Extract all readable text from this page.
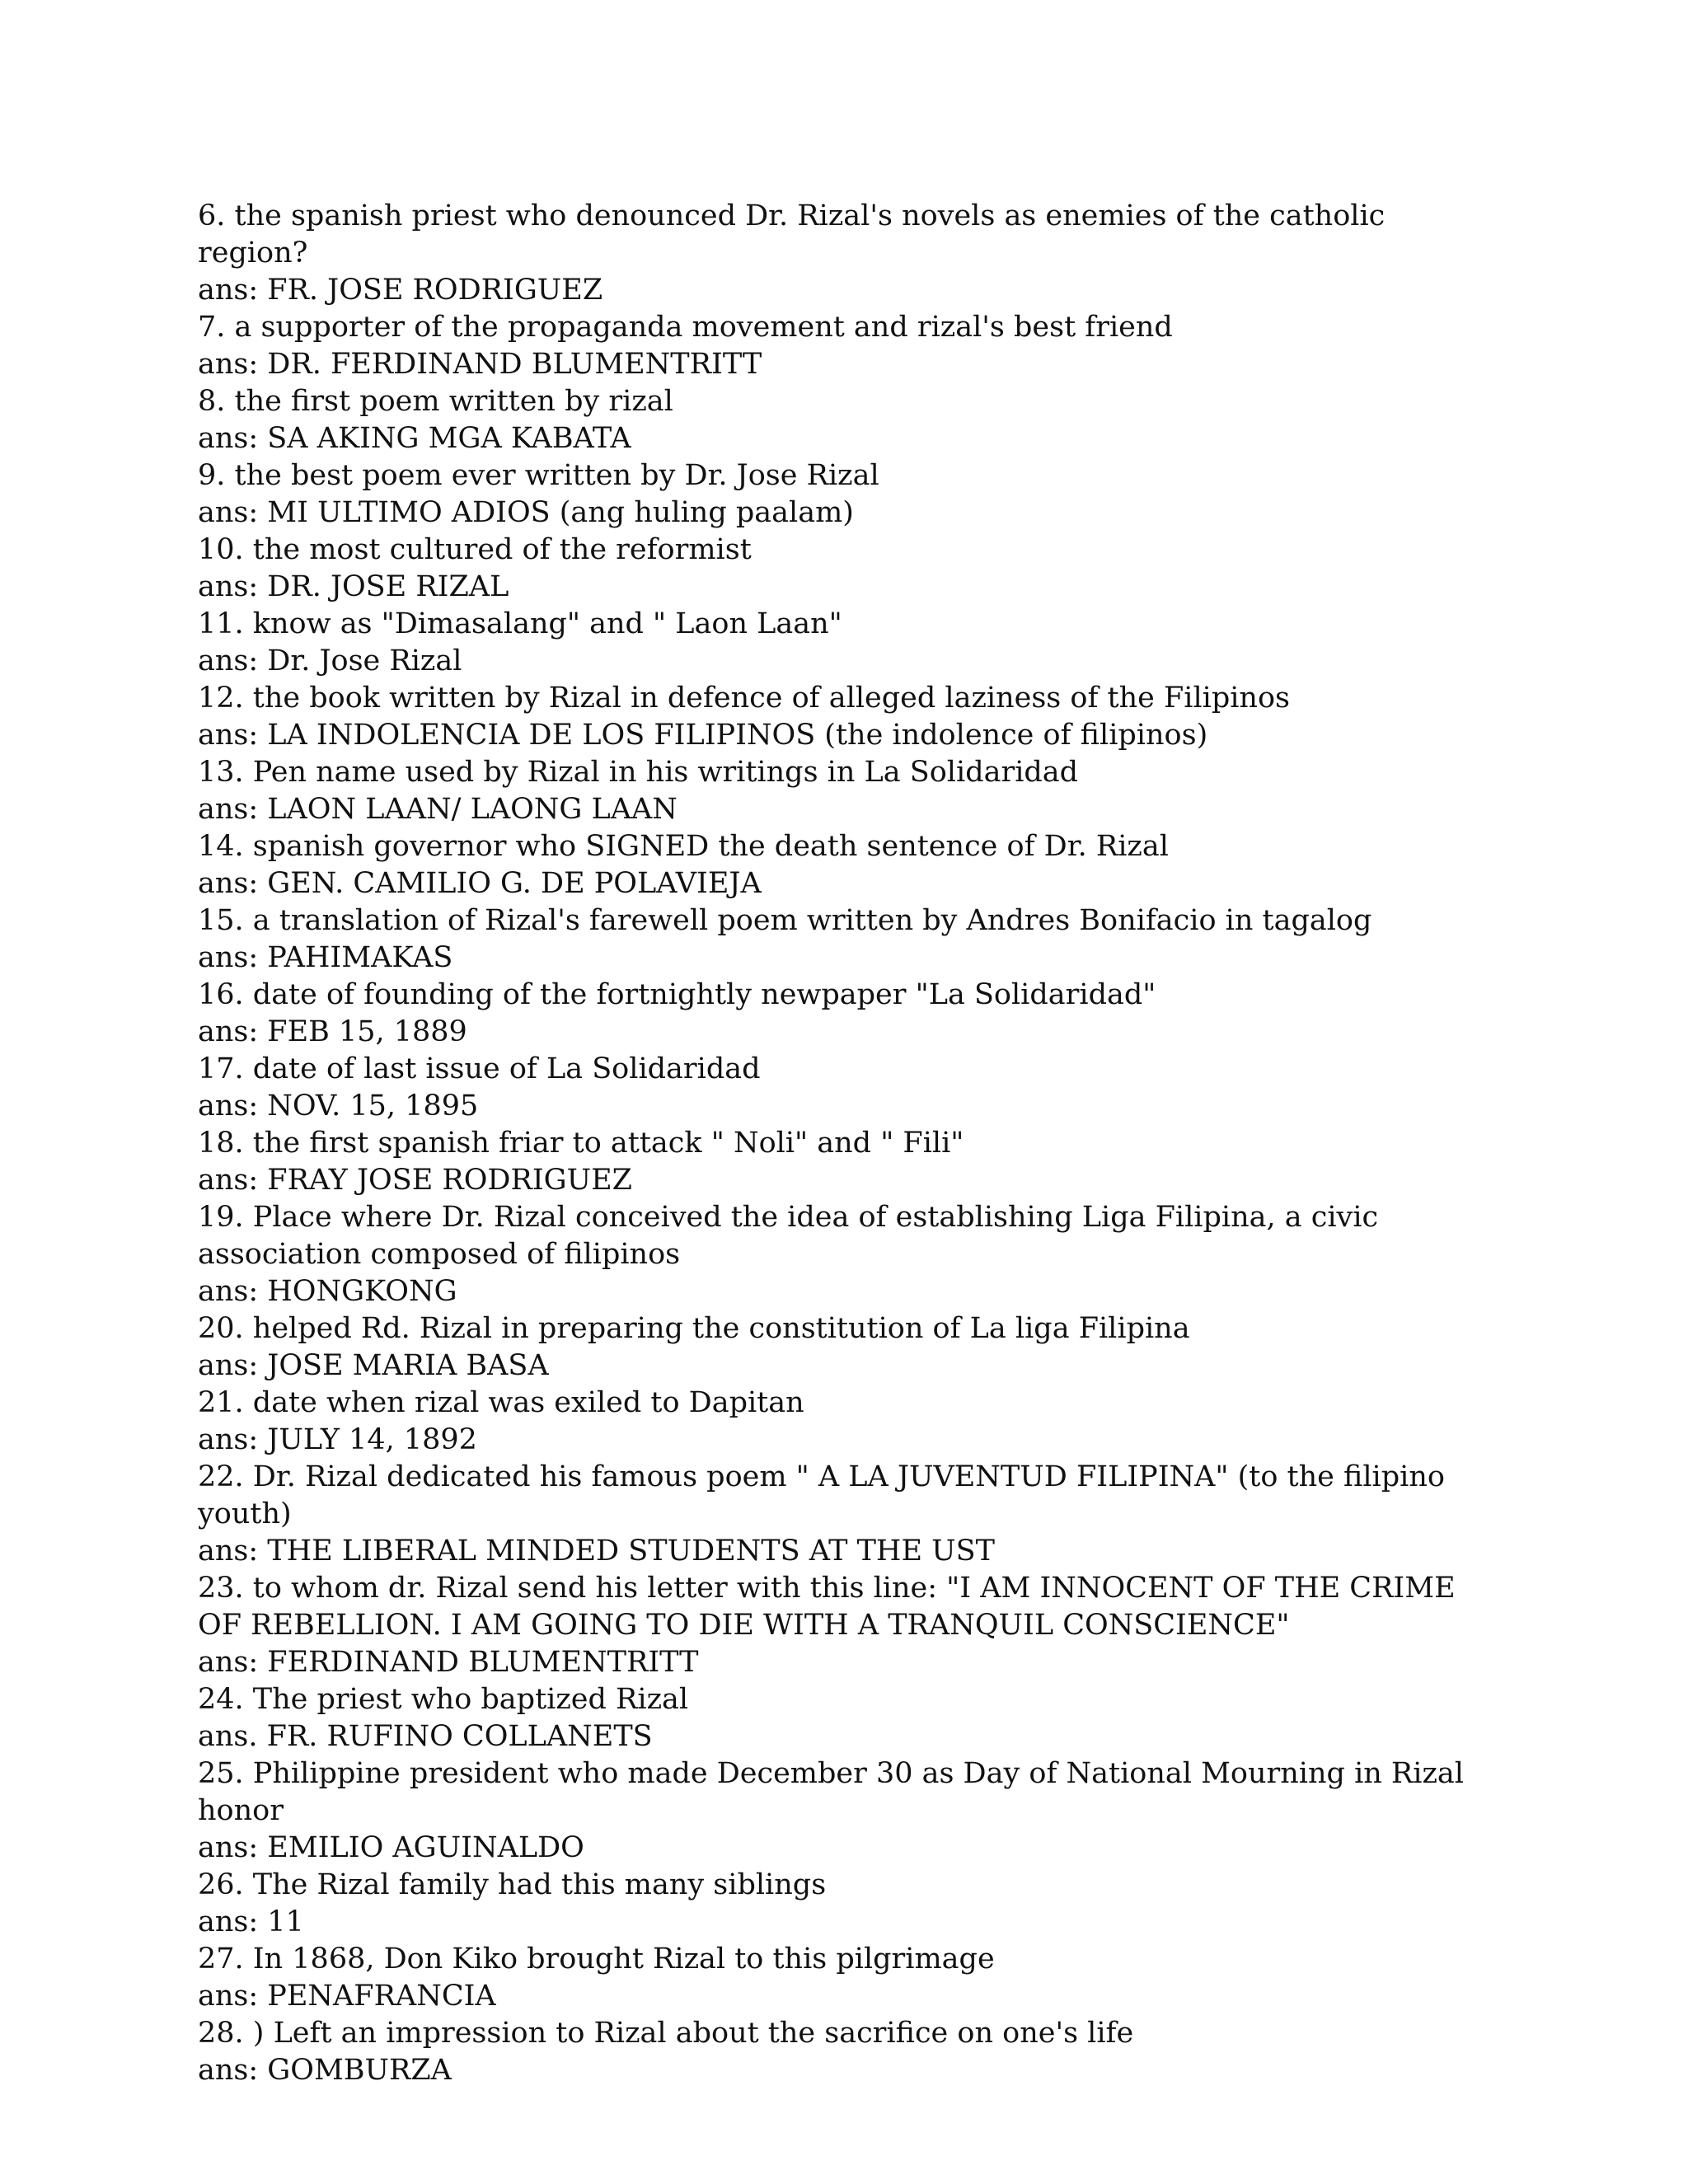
6. the spanish priest who denounced Dr. Rizal's novels as enemies of the catholic region?
ans: FR. JOSE RODRIGUEZ
7. a supporter of the propaganda movement and rizal's best friend
ans: DR. FERDINAND BLUMENTRITT
8. the first poem written by rizal
ans: SA AKING MGA KABATA
9. the best poem ever written by Dr. Jose Rizal
ans: MI ULTIMO ADIOS (ang huling paalam)
10. the most cultured of the reformist
ans: DR. JOSE RIZAL
11. know as "Dimasalang" and " Laon Laan"
ans: Dr. Jose Rizal
12. the book written by Rizal in defence of alleged laziness of the Filipinos
ans: LA INDOLENCIA DE LOS FILIPINOS (the indolence of filipinos)
13. Pen name used by Rizal in his writings in La Solidaridad
ans: LAON LAAN/ LAONG LAAN
14. spanish governor who SIGNED the death sentence of Dr. Rizal
ans: GEN. CAMILIO G. DE POLAVIEJA
15. a translation of Rizal's farewell poem written by Andres Bonifacio in tagalog
ans: PAHIMAKAS
16. date of founding of the fortnightly newpaper "La Solidaridad"
ans: FEB 15, 1889
17. date of last issue of La Solidaridad
ans: NOV. 15, 1895
18. the first spanish friar to attack " Noli" and " Fili"
ans: FRAY JOSE RODRIGUEZ
19. Place where Dr. Rizal conceived the idea of establishing Liga Filipina, a civic association composed of filipinos
ans: HONGKONG
20. helped Rd. Rizal in preparing the constitution of La liga Filipina
ans: JOSE MARIA BASA
21. date when rizal was exiled to Dapitan
ans: JULY 14, 1892
22. Dr. Rizal dedicated his famous poem " A LA JUVENTUD FILIPINA" (to the filipino youth)
ans: THE LIBERAL MINDED STUDENTS AT THE UST
23. to whom dr. Rizal send his letter with this line: "I AM INNOCENT OF THE CRIME OF REBELLION. I AM GOING TO DIE WITH A TRANQUIL CONSCIENCE"
ans: FERDINAND BLUMENTRITT
24. The priest who baptized Rizal
ans. FR. RUFINO COLLANETS
25. Philippine president who made December 30 as Day of National Mourning in Rizal honor
ans: EMILIO AGUINALDO
26. The Rizal family had this many siblings
ans: 11
27. In 1868, Don Kiko brought Rizal to this pilgrimage
ans: PENAFRANCIA
28. ) Left an impression to Rizal about the sacrifice on one's life
ans: GOMBURZA
